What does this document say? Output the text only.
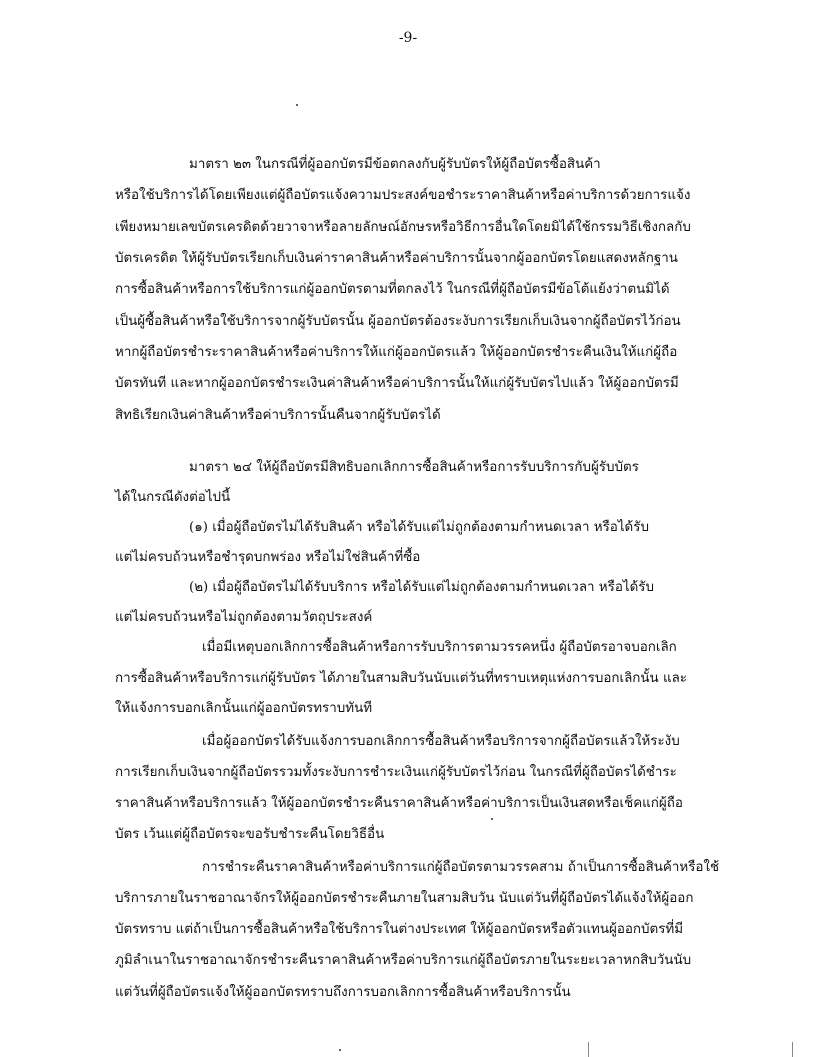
-9-
มาตรา ๒๓ ในกรณีที่ผู้ออกบัตรมีข้อตกลงกับผู้รับบัตรให้ผู้ถือบัตรซื้อสินค้า
หรือใช้บริการได้โดยเพียงแต่ผู้ถือบัตรแจ้งความประสงค์ขอชำระราคาสินค้าหรือค่าบริการด้วยการแจ้ง
เพียงหมายเลขบัตรเครดิตด้วยวาจาหรือลายลักษณ์อักษรหรือวิธีการอื่นใดโดยมิได้ใช้กรรมวิธีเชิงกลกับ
บัตรเครดิต ให้ผู้รับบัตรเรียกเก็บเงินค่าราคาสินค้าหรือค่าบริการนั้นจากผู้ออกบัตรโดยแสดงหลักฐาน
การซื้อสินค้าหรือการใช้บริการแก่ผู้ออกบัตรตามที่ตกลงไว้ ในกรณีที่ผู้ถือบัตรมีข้อโต้แย้งว่าตนมิได้
เป็นผู้ซื้อสินค้าหรือใช้บริการจากผู้รับบัตรนั้น ผู้ออกบัตรต้องระงับการเรียกเก็บเงินจากผู้ถือบัตรไว้ก่อน
หากผู้ถือบัตรชำระราคาสินค้าหรือค่าบริการให้แก่ผู้ออกบัตรแล้ว ให้ผู้ออกบัตรชำระคืนเงินให้แก่ผู้ถือ
บัตรทันที และหากผู้ออกบัตรชำระเงินค่าสินค้าหรือค่าบริการนั้นให้แก่ผู้รับบัตรไปแล้ว ให้ผู้ออกบัตรมี
สิทธิเรียกเงินค่าสินค้าหรือค่าบริการนั้นคืนจากผู้รับบัตรได้
มาตรา ๒๔ ให้ผู้ถือบัตรมีสิทธิบอกเลิกการซื้อสินค้าหรือการรับบริการกับผู้รับบัตร
ได้ในกรณีดังต่อไปนี้
(๑) เมื่อผู้ถือบัตรไม่ได้รับสินค้า หรือได้รับแต่ไม่ถูกต้องตามกำหนดเวลา หรือได้รับ
แต่ไม่ครบถ้วนหรือชำรุดบกพร่อง หรือไม่ใช่สินค้าที่ซื้อ
(๒) เมื่อผู้ถือบัตรไม่ได้รับบริการ หรือได้รับแต่ไม่ถูกต้องตามกำหนดเวลา หรือได้รับ
แต่ไม่ครบถ้วนหรือไม่ถูกต้องตามวัตถุประสงค์
เมื่อมีเหตุบอกเลิกการซื้อสินค้าหรือการรับบริการตามวรรคหนึ่ง ผู้ถือบัตรอาจบอกเลิก
การซื้อสินค้าหรือบริการแก่ผู้รับบัตร ได้ภายในสามสิบวันนับแต่วันที่ทราบเหตุแห่งการบอกเลิกนั้น และ
ให้แจ้งการบอกเลิกนั้นแก่ผู้ออกบัตรทราบทันที
เมื่อผู้ออกบัตรได้รับแจ้งการบอกเลิกการซื้อสินค้าหรือบริการจากผู้ถือบัตรแล้วให้ระงับ
การเรียกเก็บเงินจากผู้ถือบัตรรวมทั้งระงับการชำระเงินแก่ผู้รับบัตรไว้ก่อน ในกรณีที่ผู้ถือบัตรได้ชำระ
ราคาสินค้าหรือบริการแล้ว ให้ผู้ออกบัตรชำระคืนราคาสินค้าหรือค่าบริการเป็นเงินสดหรือเช็คแก่ผู้ถือ
บัตร เว้นแต่ผู้ถือบัตรจะขอรับชำระคืนโดยวิธีอื่น
การชำระคืนราคาสินค้าหรือค่าบริการแก่ผู้ถือบัตรตามวรรคสาม ถ้าเป็นการซื้อสินค้าหรือใช้
บริการภายในราชอาณาจักรให้ผู้ออกบัตรชำระคืนภายในสามสิบวัน นับแต่วันที่ผู้ถือบัตรได้แจ้งให้ผู้ออก
บัตรทราบ แต่ถ้าเป็นการซื้อสินค้าหรือใช้บริการในต่างประเทศ ให้ผู้ออกบัตรหรือตัวแทนผู้ออกบัตรที่มี
ภูมิลำเนาในราชอาณาจักรชำระคืนราคาสินค้าหรือค่าบริการแก่ผู้ถือบัตรภายในระยะเวลาหกสิบวันนับ
แต่วันที่ผู้ถือบัตรแจ้งให้ผู้ออกบัตรทราบถึงการบอกเลิกการซื้อสินค้าหรือบริการนั้น
